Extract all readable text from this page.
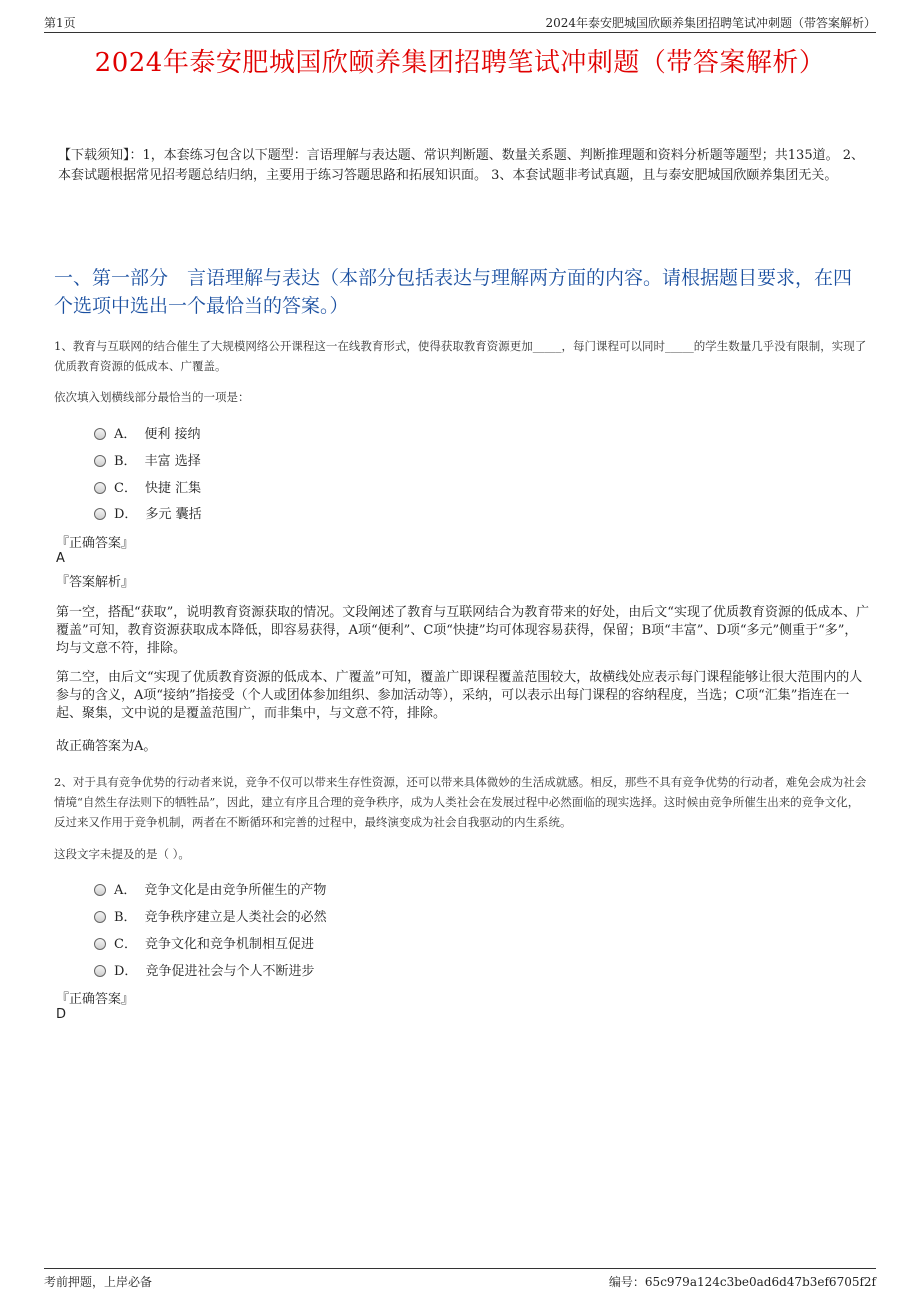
第1页	2024年泰安肥城国欣颐养集团招聘笔试冲刺题（带答案解析）
2024年泰安肥城国欣颐养集团招聘笔试冲刺题（带答案解析）
【下载须知】：1，本套练习包含以下题型：言语理解与表达题、常识判断题、数量关系题、判断推理题和资料分析题等题型；共135道。 2、本套试题根据常见招考题总结归纳，主要用于练习答题思路和拓展知识面。 3、本套试题非考试真题，且与泰安肥城国欣颐养集团无关。
一、第一部分　言语理解与表达（本部分包括表达与理解两方面的内容。请根据题目要求，在四个选项中选出一个最恰当的答案。）
1、教育与互联网的结合催生了大规模网络公开课程这一在线教育形式，使得获取教育资源更加_____，每门课程可以同时_____的学生数量几乎没有限制，实现了优质教育资源的低成本、广覆盖。
依次填入划横线部分最恰当的一项是：
A． 便利 接纳
B． 丰富 选择
C． 快捷 汇集
D． 多元 囊括
『正确答案』
A
『答案解析』
第一空，搭配“获取”，说明教育资源获取的情况。文段阐述了教育与互联网结合为教育带来的好处，由后文“实现了优质教育资源的低成本、广覆盖”可知，教育资源获取成本降低，即容易获得，A项“便利”、C项“快捷”均可体现容易获得，保留；B项“丰富”、D项“多元”侧重于“多”，均与文意不符，排除。
第二空，由后文“实现了优质教育资源的低成本、广覆盖”可知，覆盖广即课程覆盖范围较大，故横线处应表示每门课程能够让很大范围内的人参与的含义，A项“接纳”指接受（个人或团体参加组织、参加活动等），采纳，可以表示出每门课程的容纳程度，当选；C项“汇集”指连在一起、聚集，文中说的是覆盖范围广，而非集中，与文意不符，排除。
故正确答案为A。
2、对于具有竞争优势的行动者来说，竞争不仅可以带来生存性资源，还可以带来具体微妙的生活成就感。相反，那些不具有竞争优势的行动者，难免会成为社会情境“自然生存法则下的牺牲品”，因此，建立有序且合理的竞争秩序，成为人类社会在发展过程中必然面临的现实选择。这时候由竞争所催生出来的竞争文化，反过来又作用于竞争机制，两者在不断循环和完善的过程中，最终演变成为社会自我驱动的内生系统。
这段文字未提及的是（ ）。
A． 竞争文化是由竞争所催生的产物
B． 竞争秩序建立是人类社会的必然
C． 竞争文化和竞争机制相互促进
D． 竞争促进社会与个人不断进步
『正确答案』
D
考前押题，上岸必备	编号：65c979a124c3be0ad6d47b3ef6705f2f
